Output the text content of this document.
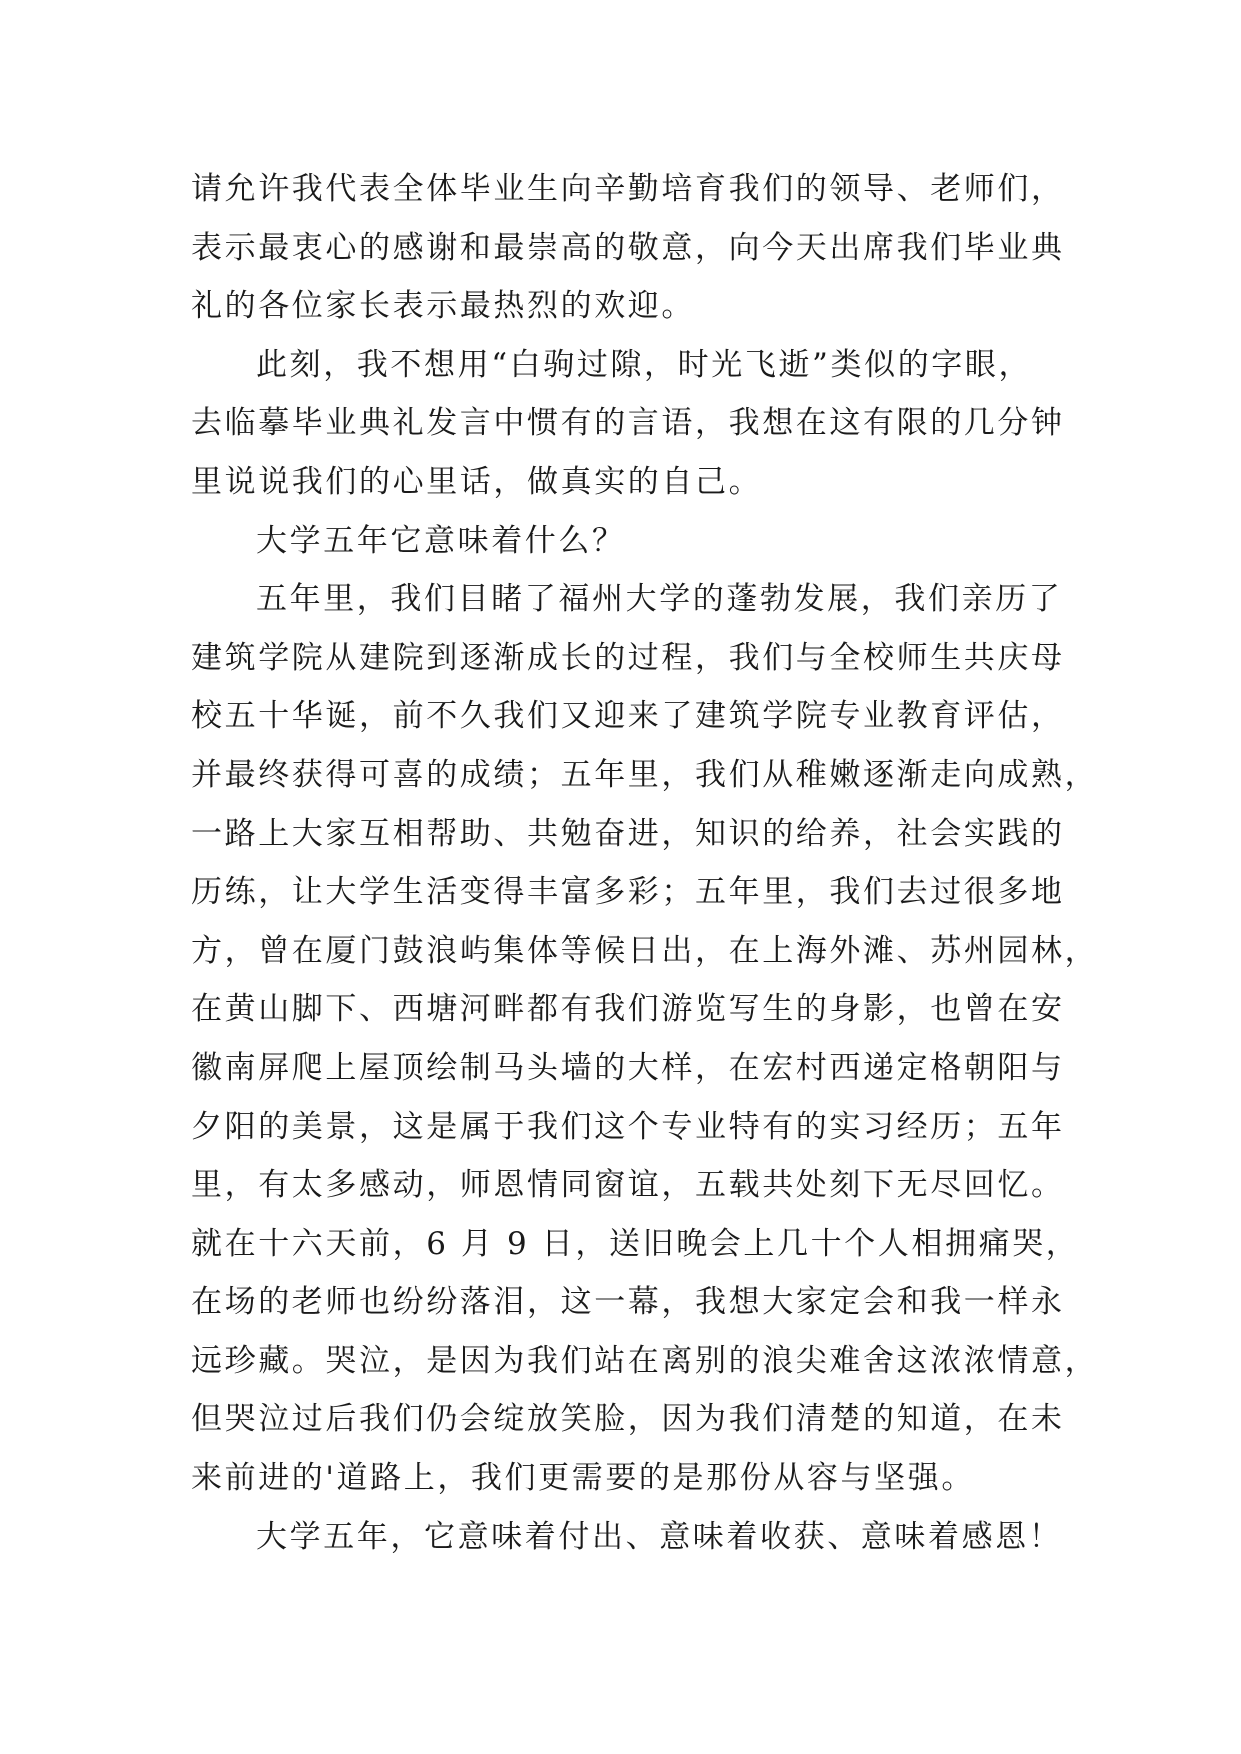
请允许我代表全体毕业生向辛勤培育我们的领导、老师们，
表示最衷心的感谢和最崇高的敬意，向今天出席我们毕业典
礼的各位家长表示最热烈的欢迎。
此刻，我不想用“白驹过隙，时光飞逝”类似的字眼，
去临摹毕业典礼发言中惯有的言语，我想在这有限的几分钟
里说说我们的心里话，做真实的自己。
大学五年它意味着什么？
五年里，我们目睹了福州大学的蓬勃发展，我们亲历了
建筑学院从建院到逐渐成长的过程，我们与全校师生共庆母
校五十华诞，前不久我们又迎来了建筑学院专业教育评估，
并最终获得可喜的成绩；五年里，我们从稚嫩逐渐走向成熟，
一路上大家互相帮助、共勉奋进，知识的给养，社会实践的
历练，让大学生活变得丰富多彩；五年里，我们去过很多地
方，曾在厦门鼓浪屿集体等候日出，在上海外滩、苏州园林，
在黄山脚下、西塘河畔都有我们游览写生的身影，也曾在安
徽南屏爬上屋顶绘制马头墙的大样，在宏村西递定格朝阳与
夕阳的美景，这是属于我们这个专业特有的实习经历；五年
里，有太多感动，师恩情同窗谊，五载共处刻下无尽回忆。
就在十六天前，6 月 9 日，送旧晚会上几十个人相拥痛哭，
在场的老师也纷纷落泪，这一幕，我想大家定会和我一样永
远珍藏。哭泣，是因为我们站在离别的浪尖难舍这浓浓情意，
但哭泣过后我们仍会绽放笑脸，因为我们清楚的知道，在未
来前进的'道路上，我们更需要的是那份从容与坚强。
大学五年，它意味着付出、意味着收获、意味着感恩！
